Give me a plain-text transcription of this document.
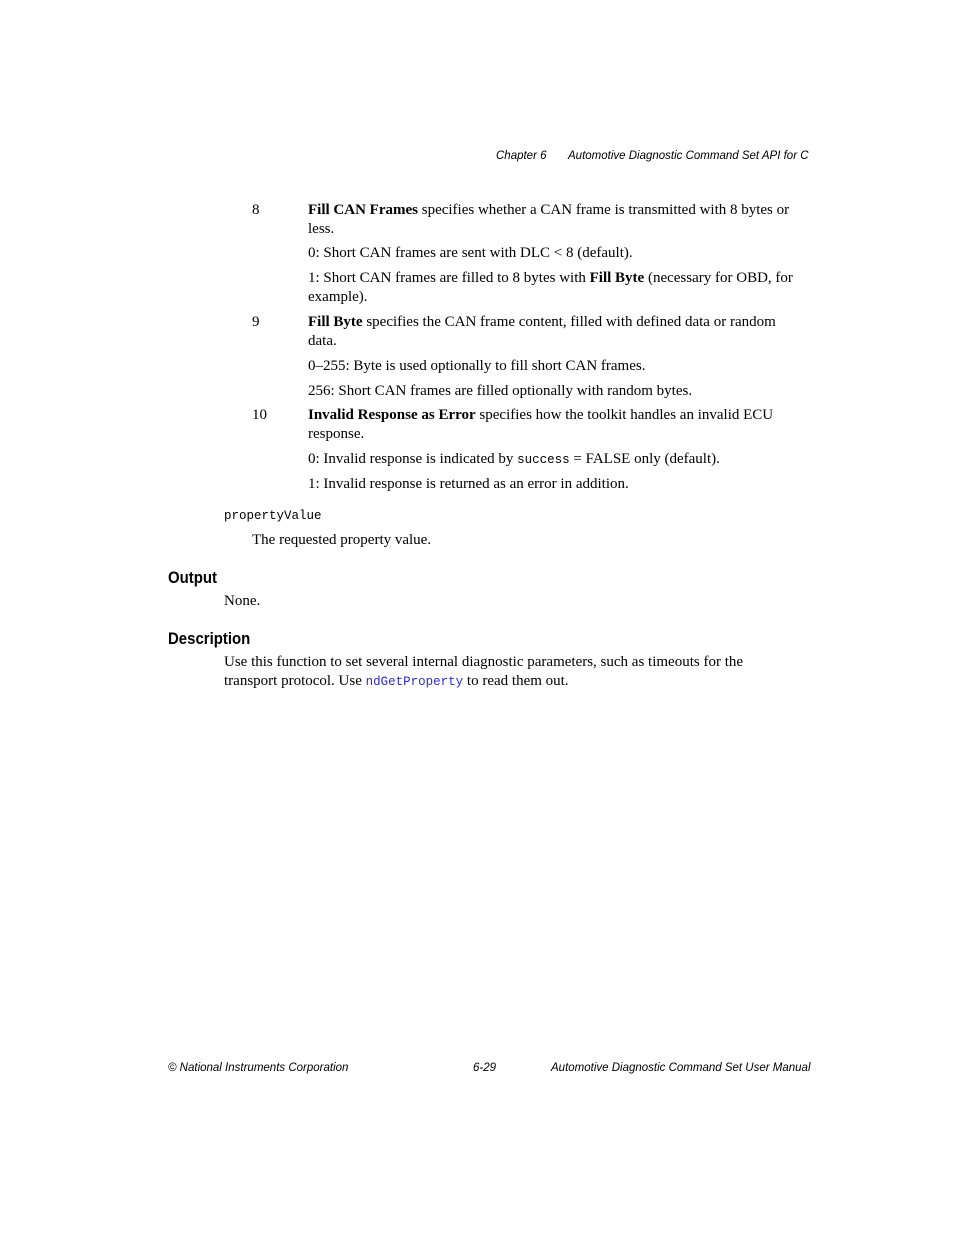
Chapter 6 Automotive Diagnostic Command Set API for C
8	Fill CAN Frames specifies whether a CAN frame is transmitted with 8 bytes or less.
0: Short CAN frames are sent with DLC < 8 (default).
1: Short CAN frames are filled to 8 bytes with Fill Byte (necessary for OBD, for example).
9	Fill Byte specifies the CAN frame content, filled with defined data or random data.
0–255: Byte is used optionally to fill short CAN frames.
256: Short CAN frames are filled optionally with random bytes.
10	Invalid Response as Error specifies how the toolkit handles an invalid ECU response.
0: Invalid response is indicated by success = FALSE only (default).
1: Invalid response is returned as an error in addition.
propertyValue
The requested property value.
Output
None.
Description
Use this function to set several internal diagnostic parameters, such as timeouts for the transport protocol. Use ndGetProperty to read them out.
© National Instruments Corporation	6-29	Automotive Diagnostic Command Set User Manual
